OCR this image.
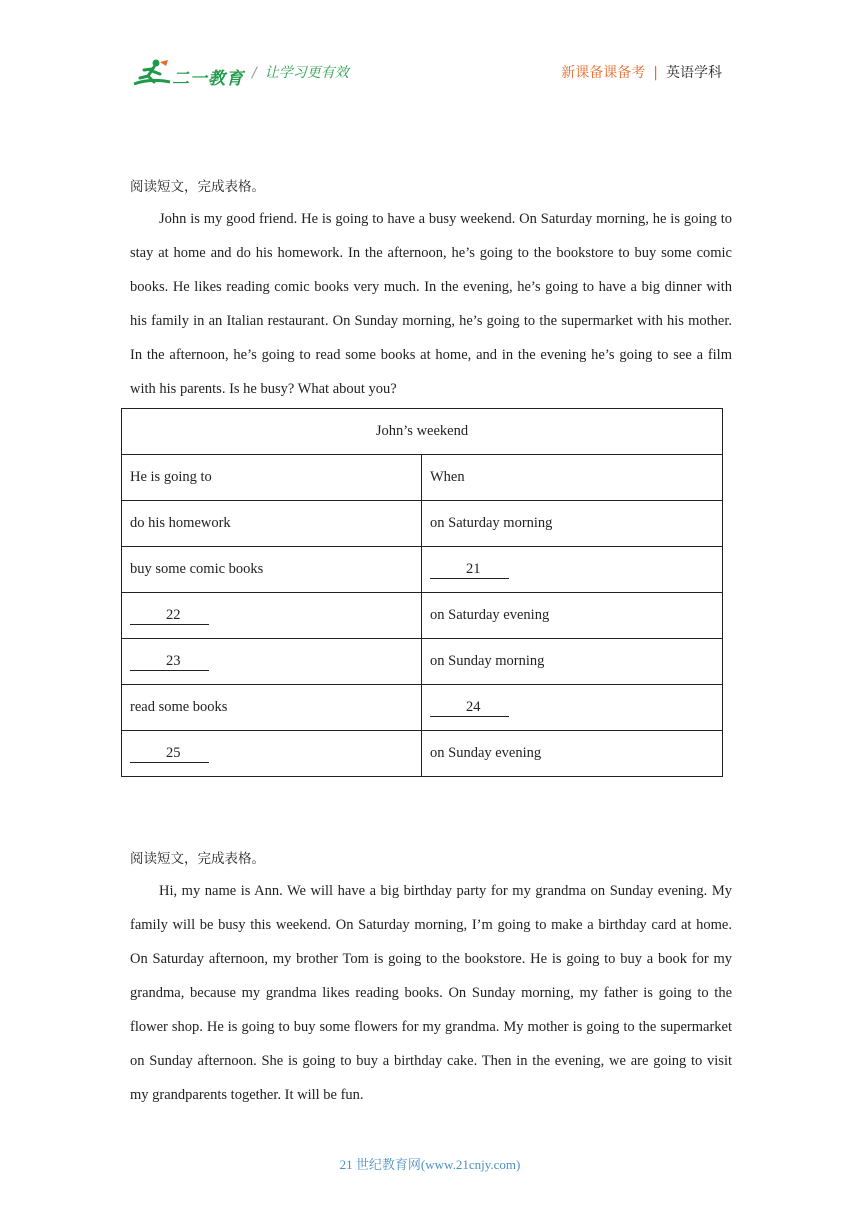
二一教育 / 让学习更有效	新课备课备考 | 英语学科
阅读短文，完成表格。

John is my good friend. He is going to have a busy weekend. On Saturday morning, he is going to stay at home and do his homework. In the afternoon, he’s going to the bookstore to buy some comic books. He likes reading comic books very much. In the evening, he’s going to have a big dinner with his family in an Italian restaurant. On Sunday morning, he’s going to the supermarket with his mother. In the afternoon, he’s going to read some books at home, and in the evening he’s going to see a film with his parents. Is he busy? What about you?

John’s weekend	
He is going to	When
do his homework	on Saturday morning
buy some comic books	21
22	on Saturday evening
23	on Sunday morning
read some books	24
25	on Sunday evening
阅读短文，完成表格。

Hi, my name is Ann. We will have a big birthday party for my grandma on Sunday evening. My family will be busy this weekend. On Saturday morning, I’m going to make a birthday card at home. On Saturday afternoon, my brother Tom is going to the bookstore. He is going to buy a book for my grandma, because my grandma likes reading books. On Sunday morning, my father is going to the flower shop. He is going to buy some flowers for my grandma. My mother is going to the supermarket on Sunday afternoon. She is going to buy a birthday cake. Then in the evening, we are going to visit my grandparents together. It will be fun.

21 世纪教育网(www.21cnjy.com)
